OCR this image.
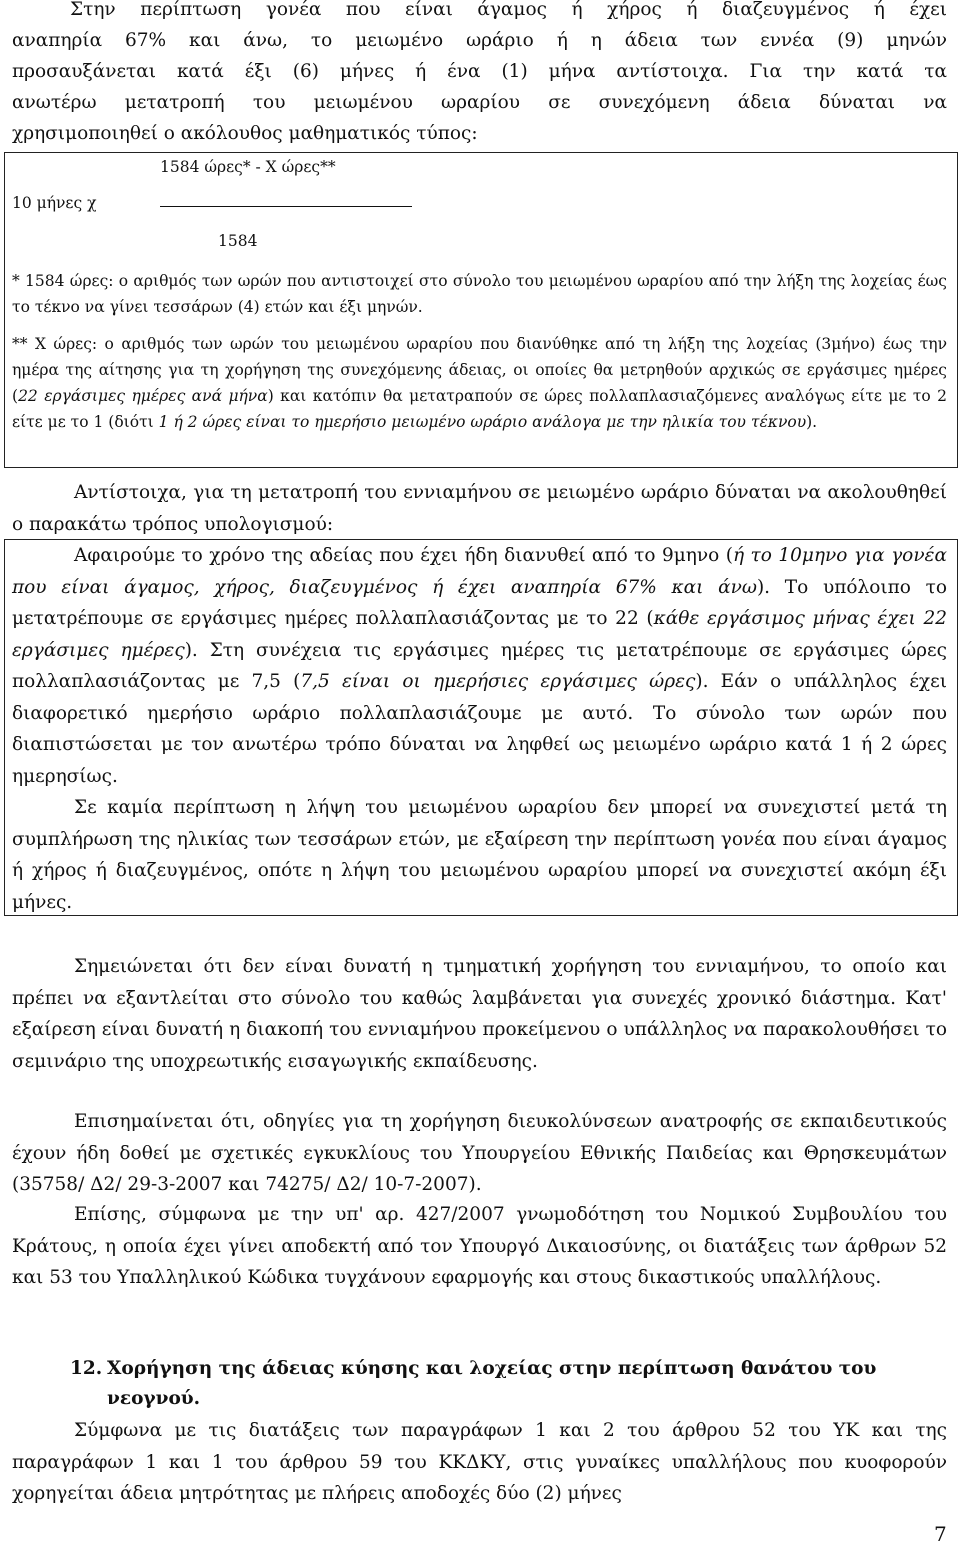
Στην περίπτωση γονέα που είναι άγαμος ή χήρος ή διαζευγμένος ή έχει

αναπηρία 67% και άνω, το μειωμένο ωράριο ή η άδεια των εννέα (9) μηνών

προσαυξάνεται κατά έξι (6) μήνες ή ένα (1) μήνα αντίστοιχα. Για την κατά τα

ανωτέρω μετατροπή του μειωμένου ωραρίου σε συνεχόμενη άδεια δύναται να

χρησιμοποιηθεί ο ακόλουθος μαθηματικός τύπος:

1584 ώρες* - Χ ώρες**
10 μήνες χ
1584

* 1584 ώρες: ο αριθμός των ωρών που αντιστοιχεί στο σύνολο του μειωμένου ωραρίου από την λήξη της λοχείας έως το τέκνο να γίνει τεσσάρων (4) ετών και έξι μηνών.

** Χ ώρες: ο αριθμός των ωρών του μειωμένου ωραρίου που διανύθηκε από τη λήξη της λοχείας (3μήνο) έως την ημέρα της αίτησης για τη χορήγηση της συνεχόμενης άδειας, οι οποίες θα μετρηθούν αρχικώς σε εργάσιμες ημέρες (22 εργάσιμες ημέρες ανά μήνα) και κατόπιν θα μετατραπούν σε ώρες πολλαπλασιαζόμενες αναλόγως είτε με το 2 είτε με το 1 (διότι 1 ή 2 ώρες είναι το ημερήσιο μειωμένο ωράριο ανάλογα με την ηλικία του τέκνου).

Αντίστοιχα, για τη μετατροπή του εννιαμήνου σε μειωμένο ωράριο δύναται να ακολουθηθεί ο παρακάτω τρόπος υπολογισμού:

Αφαιρούμε το χρόνο της αδείας που έχει ήδη διανυθεί από το 9μηνο (ή το 10μηνο για γονέα που είναι άγαμος, χήρος, διαζευγμένος ή έχει αναπηρία 67% και άνω). Το υπόλοιπο το μετατρέπουμε σε εργάσιμες ημέρες πολλαπλασιάζοντας με το 22 (κάθε εργάσιμος μήνας έχει 22 εργάσιμες ημέρες). Στη συνέχεια τις εργάσιμες ημέρες τις μετατρέπουμε σε εργάσιμες ώρες πολλαπλασιάζοντας με 7,5 (7,5 είναι οι ημερήσιες εργάσιμες ώρες). Εάν ο υπάλληλος έχει διαφορετικό ημερήσιο ωράριο πολλαπλασιάζουμε με αυτό. Το σύνολο των ωρών που διαπιστώσεται με τον ανωτέρω τρόπο δύναται να ληφθεί ως μειωμένο ωράριο κατά 1 ή 2 ώρες ημερησίως.

Σε καμία περίπτωση η λήψη του μειωμένου ωραρίου δεν μπορεί να συνεχιστεί μετά τη συμπλήρωση της ηλικίας των τεσσάρων ετών, με εξαίρεση την περίπτωση γονέα που είναι άγαμος ή χήρος ή διαζευγμένος, οπότε η λήψη του μειωμένου ωραρίου μπορεί να συνεχιστεί ακόμη έξι μήνες.

Σημειώνεται ότι δεν είναι δυνατή η τμηματική χορήγηση του εννιαμήνου, το οποίο και πρέπει να εξαντλείται στο σύνολο του καθώς λαμβάνεται για συνεχές χρονικό διάστημα. Κατ' εξαίρεση είναι δυνατή η διακοπή του εννιαμήνου προκείμενου ο υπάλληλος να παρακολουθήσει το σεμινάριο της υποχρεωτικής εισαγωγικής εκπαίδευσης.

Επισημαίνεται ότι, οδηγίες για τη χορήγηση διευκολύνσεων ανατροφής σε εκπαιδευτικούς έχουν ήδη δοθεί με σχετικές εγκυκλίους του Υπουργείου Εθνικής Παιδείας και Θρησκευμάτων (35758/ Δ2/ 29-3-2007 και 74275/ Δ2/ 10-7-2007).

Επίσης, σύμφωνα με την υπ' αρ. 427/2007 γνωμοδότηση του Νομικού Συμβουλίου του Κράτους, η οποία έχει γίνει αποδεκτή από τον Υπουργό Δικαιοσύνης, οι διατάξεις των άρθρων 52 και 53 του Υπαλληλικού Κώδικα τυγχάνουν εφαρμογής και στους δικαστικούς υπαλλήλους.

12. Χορήγηση της άδειας κύησης και λοχείας στην περίπτωση θανάτου του νεογνού.

Σύμφωνα με τις διατάξεις των παραγράφων 1 και 2 του άρθρου 52 του ΥΚ και της παραγράφων 1 και 1 του άρθρου 59 του ΚΚΔΚΥ, στις γυναίκες υπαλλήλους που κυοφορούν χορηγείται άδεια μητρότητας με πλήρεις αποδοχές δύο (2) μήνες

7
